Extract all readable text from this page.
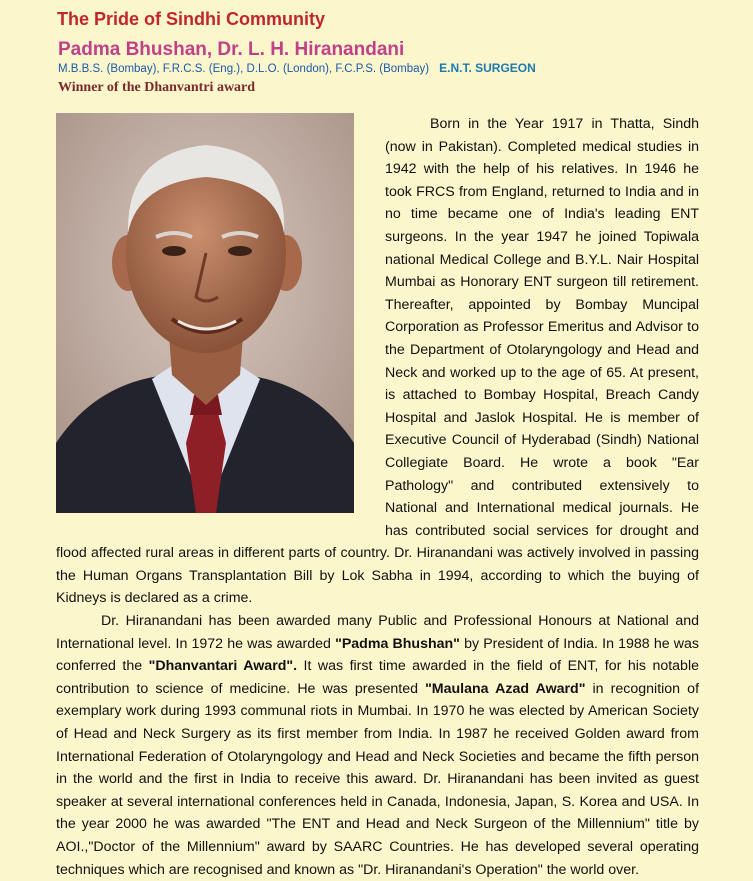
The Pride of Sindhi Community
Padma Bhushan, Dr. L. H. Hiranandani
M.B.B.S. (Bombay), F.R.C.S. (Eng.), D.L.O. (London), F.C.P.S. (Bombay) E.N.T. SURGEON
Winner of the Dhanvantri award

Born in the Year 1917 in Thatta, Sindh (now in Pakistan). Completed medical studies in 1942 with the help of his relatives. In 1946 he took FRCS from England, returned to India and in no time became one of India's leading ENT surgeons. In the year 1947 he joined Topiwala national Medical College and B.Y.L. Nair Hospital Mumbai as Honorary ENT surgeon till retirement. Thereafter, appointed by Bombay Muncipal Corporation as Professor Emeritus and Advisor to the Department of Otolaryngology and Head and Neck and worked up to the age of 65. At present, is attached to Bombay Hospital, Breach Candy Hospital and Jaslok Hospital. He is member of Executive Council of Hyderabad (Sindh) National Collegiate Board. He wrote a book "Ear Pathology" and contributed extensively to National and International medical journals. He has contributed social services for drought and flood affected rural areas in different parts of country. Dr. Hiranandani was actively involved in passing the Human Organs Transplantation Bill by Lok Sabha in 1994, according to which the buying of Kidneys is declared as a crime.

Dr. Hiranandani has been awarded many Public and Professional Honours at National and International level. In 1972 he was awarded "Padma Bhushan" by President of India. In 1988 he was conferred the "Dhanvantari Award". It was first time awarded in the field of ENT, for his notable contribution to science of medicine. He was presented "Maulana Azad Award" in recognition of exemplary work during 1993 communal riots in Mumbai. In 1970 he was elected by American Society of Head and Neck Surgery as its first member from India. In 1987 he received Golden award from International Federation of Otolaryngology and Head and Neck Societies and became the fifth person in the world and the first in India to receive this award. Dr. Hiranandani has been invited as guest speaker at several international conferences held in Canada, Indonesia, Japan, S. Korea and USA. In the year 2000 he was awarded "The ENT and Head and Neck Surgeon of the Millennium" title by AOI.,"Doctor of the Millennium" award by SAARC Countries. He has developed several operating techniques which are recognised and known as "Dr. Hiranandani's Operation" the world over.
